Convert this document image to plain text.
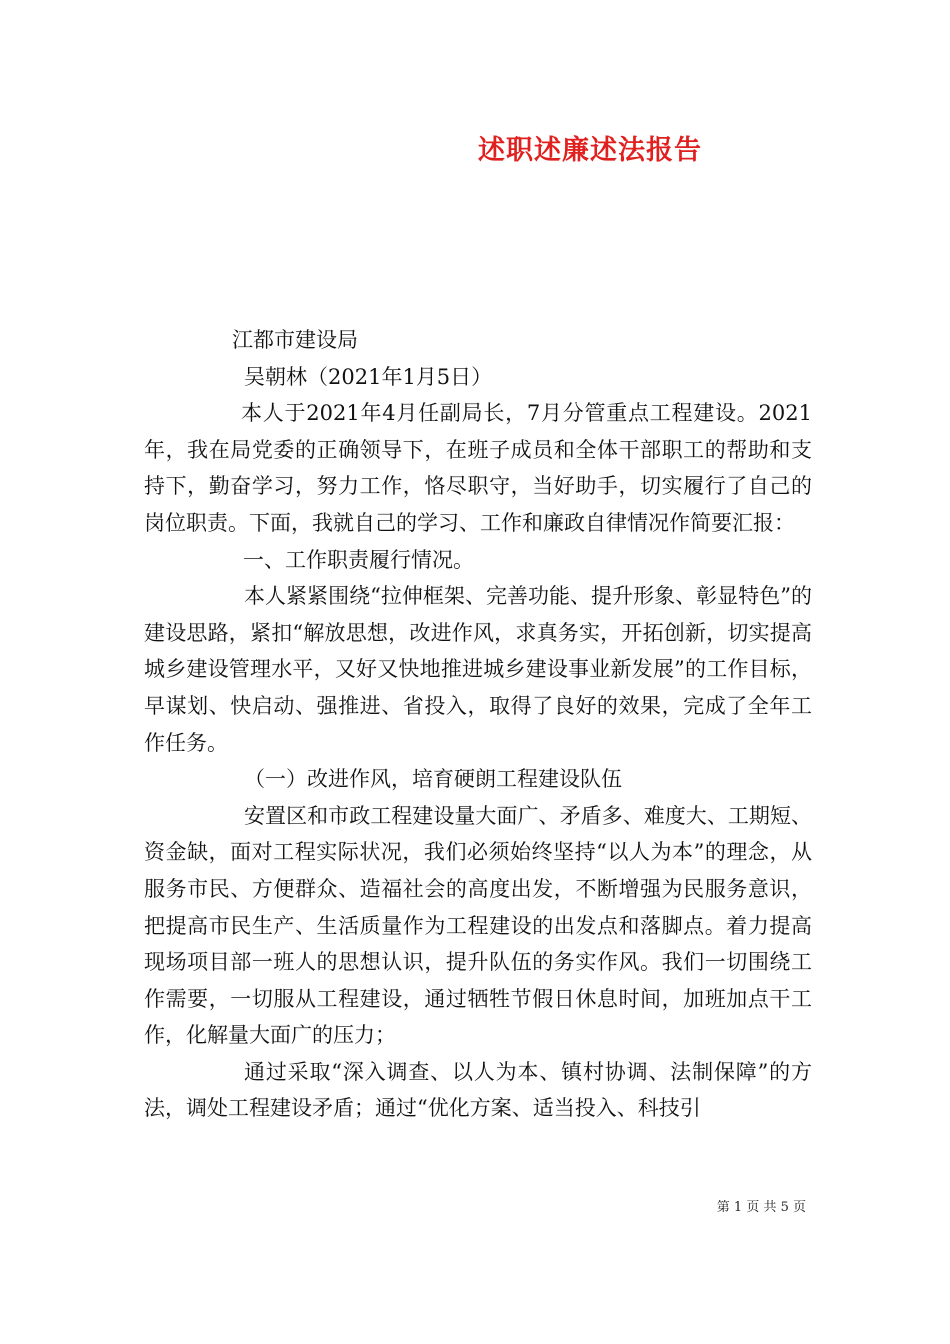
述职述廉述法报告
江都市建设局
吴朝林（2021年1月5日）

本人于2021年4月任副局长，7月分管重点工程建设。2021年，我在局党委的正确领导下，在班子成员和全体干部职工的帮助和支持下，勤奋学习，努力工作，恪尽职守，当好助手，切实履行了自己的岗位职责。下面，我就自己的学习、工作和廉政自律情况作简要汇报：

一、工作职责履行情况。

本人紧紧围绕“拉伸框架、完善功能、提升形象、彰显特色”的建设思路，紧扣“解放思想，改进作风，求真务实，开拓创新，切实提高城乡建设管理水平，又好又快地推进城乡建设事业新发展”的工作目标，早谋划、快启动、强推进、省投入，取得了良好的效果，完成了全年工作任务。

（一）改进作风，培育硬朗工程建设队伍

安置区和市政工程建设量大面广、矛盾多、难度大、工期短、资金缺，面对工程实际状况，我们必须始终坚持“以人为本”的理念，从服务市民、方便群众、造福社会的高度出发，不断增强为民服务意识，把提高市民生产、生活质量作为工程建设的出发点和落脚点。着力提高现场项目部一班人的思想认识，提升队伍的务实作风。我们一切围绕工作需要，一切服从工程建设，通过牺牲节假日休息时间，加班加点干工作，化解量大面广的压力；

通过采取“深入调查、以人为本、镇村协调、法制保障”的方法，调处工程建设矛盾；通过“优化方案、适当投入、科技引

第 1 页 共 5 页
